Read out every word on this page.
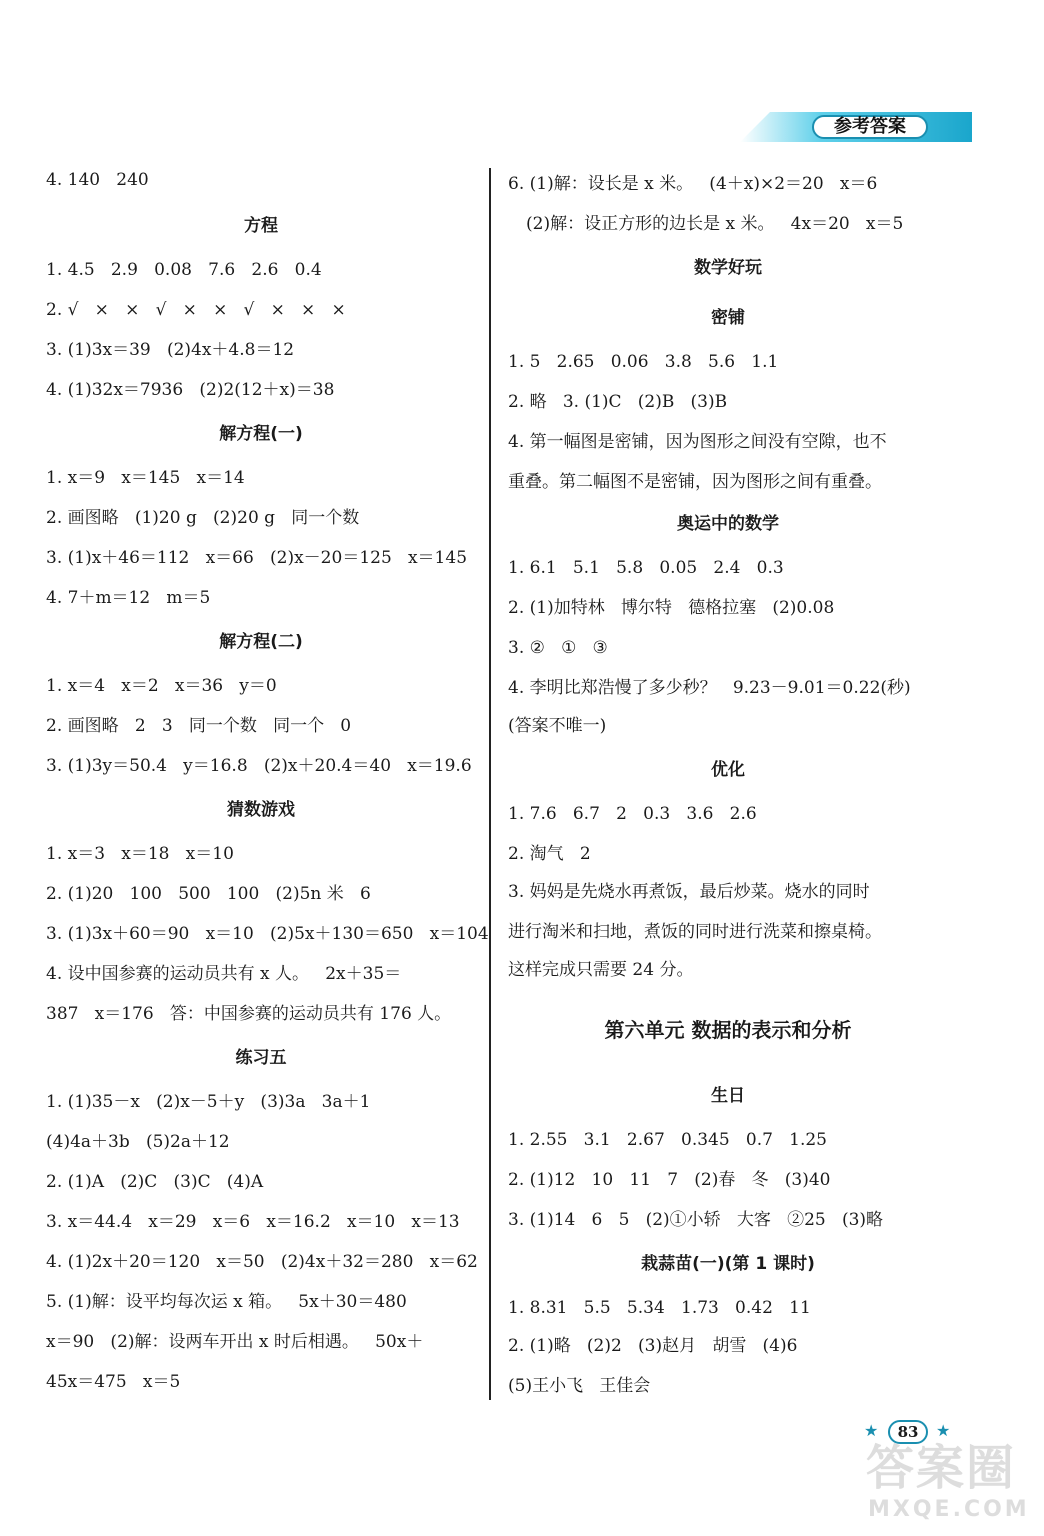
参考答案
4. 140   240
方程
1. 4.5   2.9   0.08   7.6   2.6   0.4
2. √   ×   ×   √   ×   ×   √   ×   ×   ×
3. (1)3x＝39   (2)4x＋4.8＝12
4. (1)32x＝7936   (2)2(12＋x)＝38
解方程(一)
1. x＝9   x＝145   x＝14
2. 画图略   (1)20 g   (2)20 g   同一个数
3. (1)x＋46＝112   x＝66   (2)x－20＝125   x＝145
4. 7＋m＝12   m＝5
解方程(二)
1. x＝4   x＝2   x＝36   y＝0
2. 画图略   2   3   同一个数   同一个   0
3. (1)3y＝50.4   y＝16.8   (2)x＋20.4＝40   x＝19.6
猜数游戏
1. x＝3   x＝18   x＝10
2. (1)20   100   500   100   (2)5n 米   6
3. (1)3x＋60＝90   x＝10   (2)5x＋130＝650   x＝104
4. 设中国参赛的运动员共有 x 人。   2x＋35＝
387   x＝176   答：中国参赛的运动员共有 176 人。
练习五
1. (1)35－x   (2)x－5＋y   (3)3a   3a＋1
(4)4a＋3b   (5)2a＋12
2. (1)A   (2)C   (3)C   (4)A
3. x＝44.4   x＝29   x＝6   x＝16.2   x＝10   x＝13
4. (1)2x＋20＝120   x＝50   (2)4x＋32＝280   x＝62
5. (1)解：设平均每次运 x 箱。   5x＋30＝480
x＝90   (2)解：设两车开出 x 时后相遇。   50x＋
45x＝475   x＝5
6. (1)解：设长是 x 米。   (4＋x)×2＝20   x＝6
(2)解：设正方形的边长是 x 米。   4x＝20   x＝5
数学好玩
密铺
1. 5   2.65   0.06   3.8   5.6   1.1
2. 略   3. (1)C   (2)B   (3)B
4. 第一幅图是密铺，因为图形之间没有空隙，也不
重叠。第二幅图不是密铺，因为图形之间有重叠。
奥运中的数学
1. 6.1   5.1   5.8   0.05   2.4   0.3
2. (1)加特林   博尔特   德格拉塞   (2)0.08
3. ②   ①   ③
4. 李明比郑浩慢了多少秒？   9.23－9.01＝0.22(秒)
(答案不唯一)
优化
1. 7.6   6.7   2   0.3   3.6   2.6
2. 淘气   2
3. 妈妈是先烧水再煮饭，最后炒菜。烧水的同时
进行淘米和扫地，煮饭的同时进行洗菜和擦桌椅。
这样完成只需要 24 分。
第六单元 数据的表示和分析
生日
1. 2.55   3.1   2.67   0.345   0.7   1.25
2. (1)12   10   11   7   (2)春   冬   (3)40
3. (1)14   6   5   (2)①小轿   大客   ②25   (3)略
栽蒜苗(一)(第 1 课时)
1. 8.31   5.5   5.34   1.73   0.42   11
2. (1)略   (2)2   (3)赵月   胡雪   (4)6
(5)王小飞   王佳会
★	83	★
答案圈
MXQE.COM
